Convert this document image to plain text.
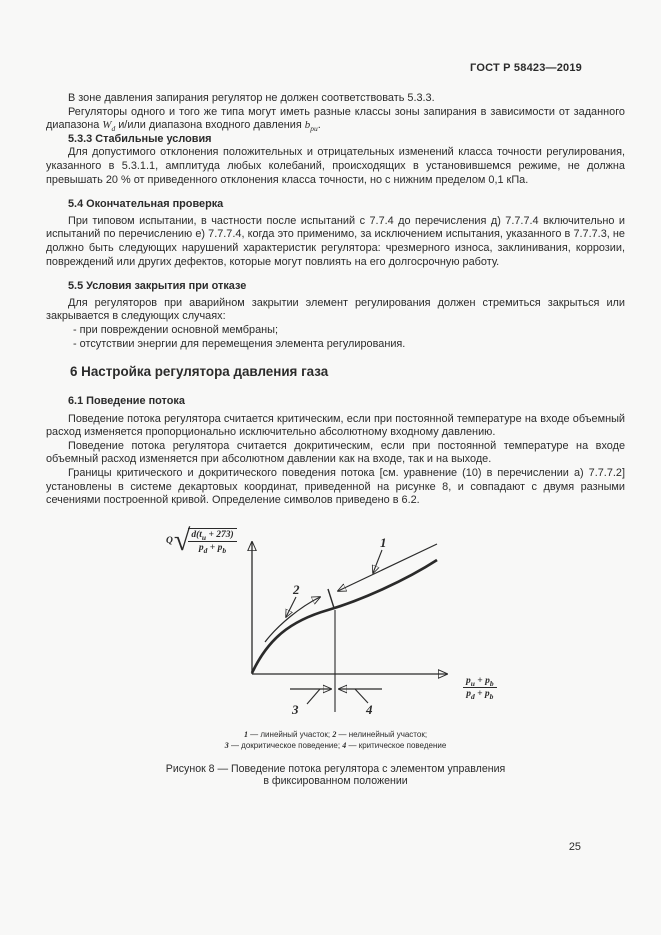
ГОСТ Р 58423—2019

В зоне давления запирания регулятор не должен соответствовать 5.3.3.

Регуляторы одного и того же типа могут иметь разные классы зоны запирания в зависимости от заданного диапазона $W_d$ и/или диапазона входного давления $b_{pu}$.

5.3.3 Стабильные условия

Для допустимого отклонения положительных и отрицательных изменений класса точности регулирования, указанного в 5.3.1.1, амплитуда любых колебаний, происходящих в установившемся режиме, не должна превышать 20 % от приведенного отклонения класса точности, но с нижним пределом 0,1 кПа.

5.4 Окончательная проверка

При типовом испытании, в частности после испытаний с 7.7.4 до перечисления д) 7.7.7.4 включительно и испытаний по перечислению е) 7.7.7.4, когда это применимо, за исключением испытания, указанного в 7.7.7.3, не должно быть следующих нарушений характеристик регулятора: чрезмерного износа, заклинивания, коррозии, повреждений или других дефектов, которые могут повлиять на его долгосрочную работу.

5.5 Условия закрытия при отказе

Для регуляторов при аварийном закрытии элемент регулирования должен стремиться закрыться или закрывается в следующих случаях:

- при повреждении основной мембраны;

- отсутствии энергии для перемещения элемента регулирования.

6 Настройка регулятора давления газа

6.1 Поведение потока

Поведение потока регулятора считается критическим, если при постоянной температуре на входе объемный расход изменяется пропорционально исключительно абсолютному входному давлению.

Поведение потока регулятора считается докритическим, если при постоянной температуре на входе объемный расход изменяется при абсолютном давлении как на входе, так и на выходе.

Границы критического и докритического поведения потока [см. уравнение (10) в перечислении а) 7.7.7.2] установлены в системе декартовых координат, приведенной на рисунке 8, и совпадают с двумя разными сечениями построенной кривой. Определение символов приведено в 6.2.

1
2
3	4
Q √
$\frac{d(t_u + 273)}{p_d + p_b}$
$\frac{p_u + p_b}{p_d + p_b}$
1 — линейный участок; 2 — нелинейный участок;
3 — докритическое поведение; 4 — критическое поведение
Рисунок 8 — Поведение потока регулятора с элементом управления
в фиксированном положении
25
